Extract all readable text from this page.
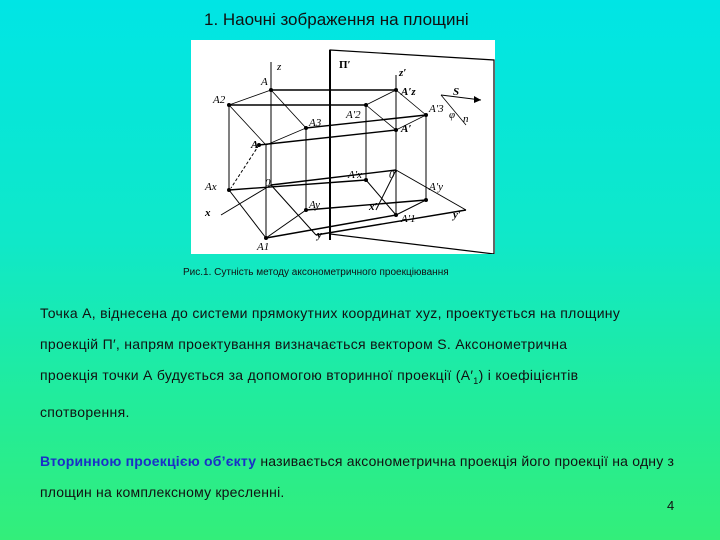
1. Наочні зображення на площині
z
A
A2
A3
A
Ax	0
x
Ay
y
A1
П′
z′
A′z
A′2	A′3
A′
A′x 0′
A′y
x′
A′1	y′
S
φ n
Рис.1. Сутність методу аксонометричного проекціювання
Точка А, віднесена до системи прямокутних координат xyz, проектується на площину
проекцій П′, напрям проектування визначається вектором S. Аксонометрична
проекція точки А будується за допомогою вторинної проекції $(А'_1)$ і коефіцієнтів
спотворення.
Вторинною проекцією об’єкту називається аксонометрична проекція його проекції на одну з площин на комплексному кресленні.
4
